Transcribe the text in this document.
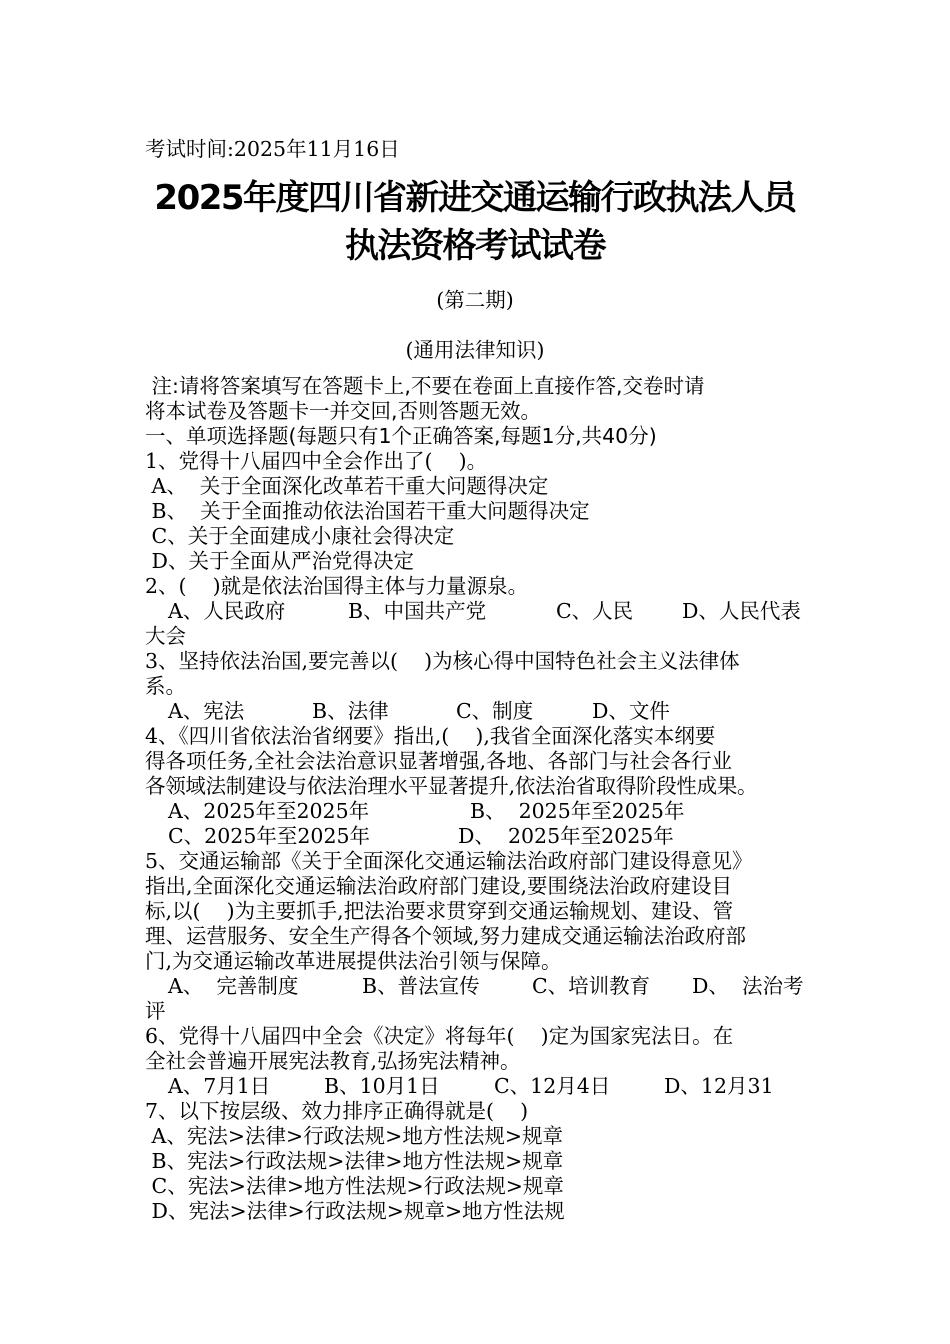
考试时间:2025年11月16日
2025年度四川省新进交通运输行政执法人员
执法资格考试试卷
(第二期)
(通用法律知识)
注:请将答案填写在答题卡上,不要在卷面上直接作答,交卷时请
将本试卷及答题卡一并交回,否则答题无效。
一、单项选择题(每题只有1个正确答案,每题1分,共40分)
1、党得十八届四中全会作出了(    )。
A、  关于全面深化改革若干重大问题得决定
B、  关于全面推动依法治国若干重大问题得决定
C、关于全面建成小康社会得决定
D、关于全面从严治党得决定
2、(    )就是依法治国得主体与力量源泉。
A、人民政府	B、中国共产党	C、人民 D、人民代表
大会
3、坚持依法治国,要完善以(    )为核心得中国特色社会主义法律体
系。
A、宪法	B、法律	C、制度	D、文件
4、《四川省依法治省纲要》指出,(    ),我省全面深化落实本纲要
得各项任务,全社会法治意识显著增强,各地、各部门与社会各行业
各领域法制建设与依法治理水平显著提升,依法治省取得阶段性成果。
A、2025年至2025年	B、  2025年至2025年
C、2025年至2025年	D、  2025年至2025年
5、交通运输部《关于全面深化交通运输法治政府部门建设得意见》
指出,全面深化交通运输法治政府部门建设,要围绕法治政府建设目
标,以(    )为主要抓手,把法治要求贯穿到交通运输规划、建设、管
理、运营服务、安全生产得各个领域,努力建成交通运输法治政府部
门,为交通运输改革进展提供法治引领与保障。
A、  完善制度	B、普法宣传	C、培训教育 D、  法治考
评
6、党得十八届四中全会《决定》将每年(    )定为国家宪法日。在
全社会普遍开展宪法教育,弘扬宪法精神。
A、7月1日	B、10月1日	C、12月4日	D、12月31
7、以下按层级、效力排序正确得就是(    )
A、宪法>法律>行政法规>地方性法规>规章
B、宪法>行政法规>法律>地方性法规>规章
C、宪法>法律>地方性法规>行政法规>规章
D、宪法>法律>行政法规>规章>地方性法规
